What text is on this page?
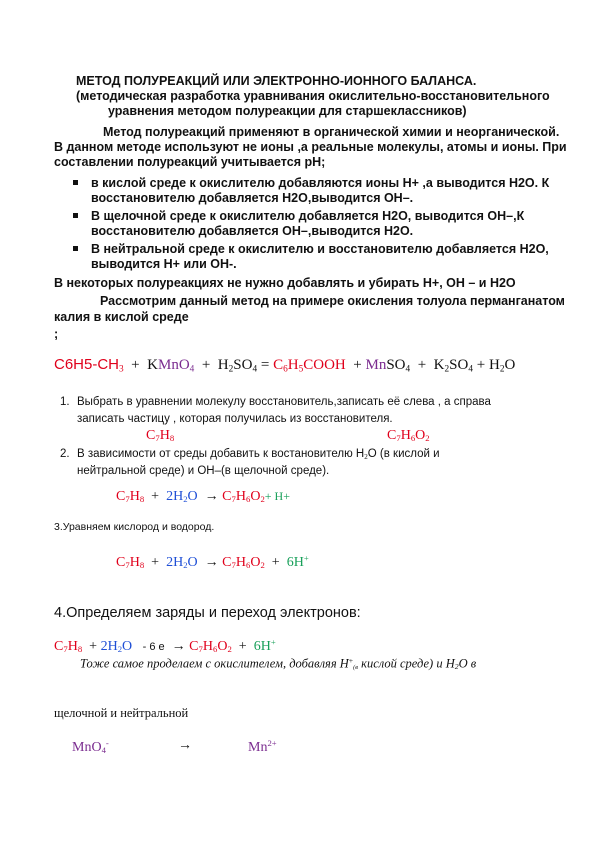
МЕТОД ПОЛУРЕАКЦИЙ ИЛИ ЭЛЕКТРОННО-ИОННОГО БАЛАНСА.
(методическая разработка уравнивания окислительно-восстановительного
уравнения методом полуреакции для старшеклассников)
Метод полуреакций применяют в органической химии и неорганической.
В данном методе используют не ионы ,а реальные молекулы, атомы и ионы. При
составлении полуреакций учитывается pH;
в кислой среде к окислителю добавляются ионы Н+ ,а выводится Н2О. К
восстановителю добавляется Н2О,выводится ОН–.
В щелочной среде к окислителю добавляется Н2О, выводится ОН–,К
восстановителю добавляется ОН–,выводится Н2О.
В нейтральной среде к окислителю и восстановителю добавляется Н2О,
выводится Н+ или ОН-.
В некоторых полуреакциях не нужно добавлять и убирать Н+, ОН – и Н2О
Рассмотрим данный метод на примере окисления толуола перманганатом
калия в кислой среде
;
$C6H5-CH_3$ + KMnO$_4$ + $H_2SO_4$ = $C_6H_5COOH$ + MnSO$_4$ + $K_2SO_4 + H_2O$
1. Выбрать в уравнении молекулу восстановитель,записать её слева , а справа
записать частицу , которая получилась из восстановителя.
$C_7H_8$	$C_7H_6O_2$
2. В зависимости от среды добавить к востановителю $Н_2О$ (в кислой и
нейтральной среде) и ОН–(в щелочной среде).
$C_7H_8 + 2H_2O \to C_7H_6O_2+ H+$
3.Уравняем кислород и водород.
$C_7H_8 + 2H_2O \to C_7H_6O_2 + 6H^+$
4.Определяем заряды и переход электронов:
$C_7H_8 + 2H_2O - 6$ $е \to C_7H_6O_2 + 6H^+$
Тоже самое проделаем с окислителем, добавляя $Н^+_{(в}$ кислой среде) и $Н_2О$ в
щелочной и нейтральной
MnO$_4$-	→	$Mn^{2+}$
